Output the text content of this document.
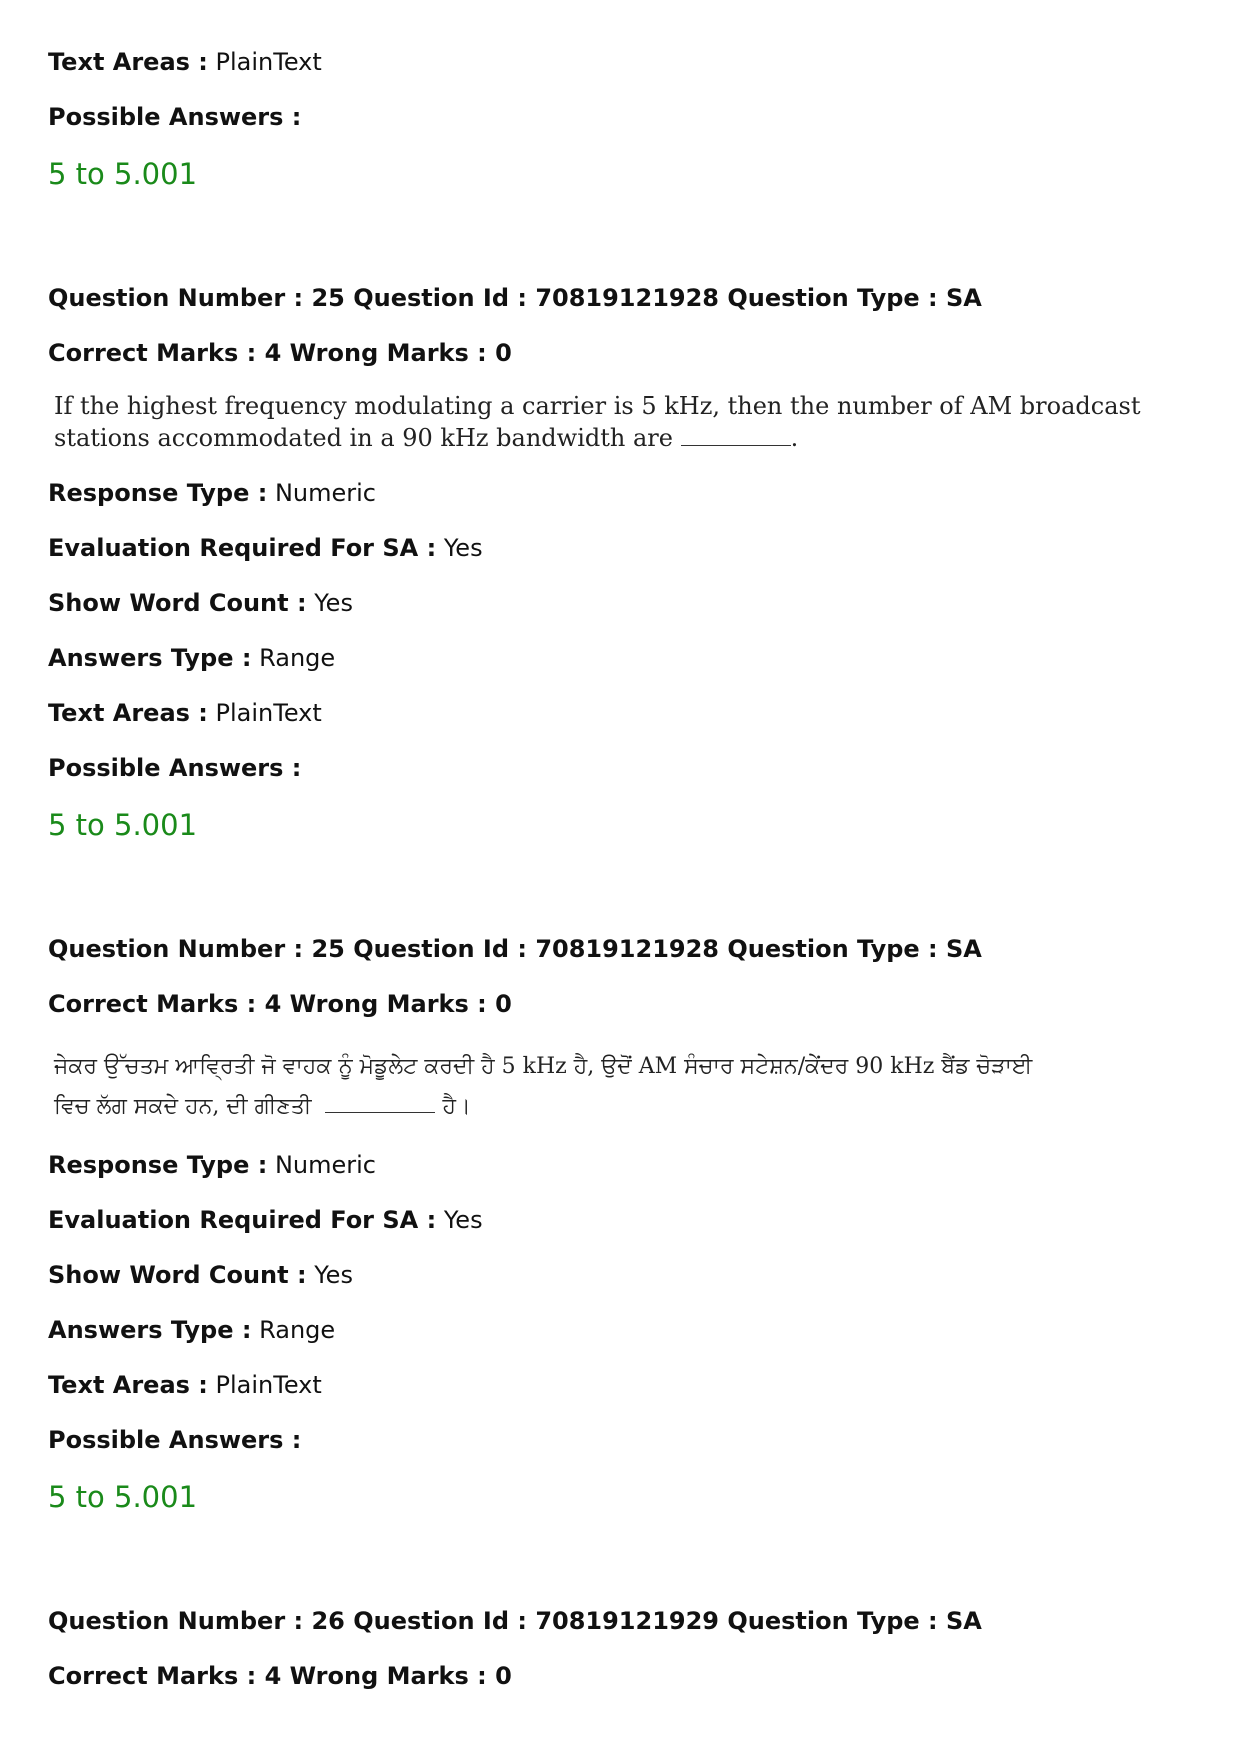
Text Areas : PlainText
Possible Answers :
5 to 5.001
Question Number : 25 Question Id : 70819121928 Question Type : SA
Correct Marks : 4 Wrong Marks : 0
If the highest frequency modulating a carrier is 5 kHz, then the number of AM broadcast
stations accommodated in a 90 kHz bandwidth are	.
Response Type : Numeric
Evaluation Required For SA : Yes
Show Word Count : Yes
Answers Type : Range
Text Areas : PlainText
Possible Answers :
5 to 5.001
Question Number : 25 Question Id : 70819121928 Question Type : SA
Correct Marks : 4 Wrong Marks : 0
ਜੇਕਰ ਉੱਚਤਮ ਆਵ੍ਰਿਤੀ ਜੋ ਵਾਹਕ ਨੂੰ ਮੋਡੂਲੇਟ ਕਰਦੀ ਹੈ 5 kHz ਹੈ, ਉਦੋਂ AM ਸੰਚਾਰ ਸਟੇਸ਼ਨ/ਕੇਂਦਰ 90 kHz ਬੈਂਡ ਚੋੜਾਈ
ਵਿਚ ਲੱਗ ਸਕਦੇ ਹਨ, ਦੀ ਗੀਣਤੀ	ਹੈ।
Response Type : Numeric
Evaluation Required For SA : Yes
Show Word Count : Yes
Answers Type : Range
Text Areas : PlainText
Possible Answers :
5 to 5.001
Question Number : 26 Question Id : 70819121929 Question Type : SA
Correct Marks : 4 Wrong Marks : 0
